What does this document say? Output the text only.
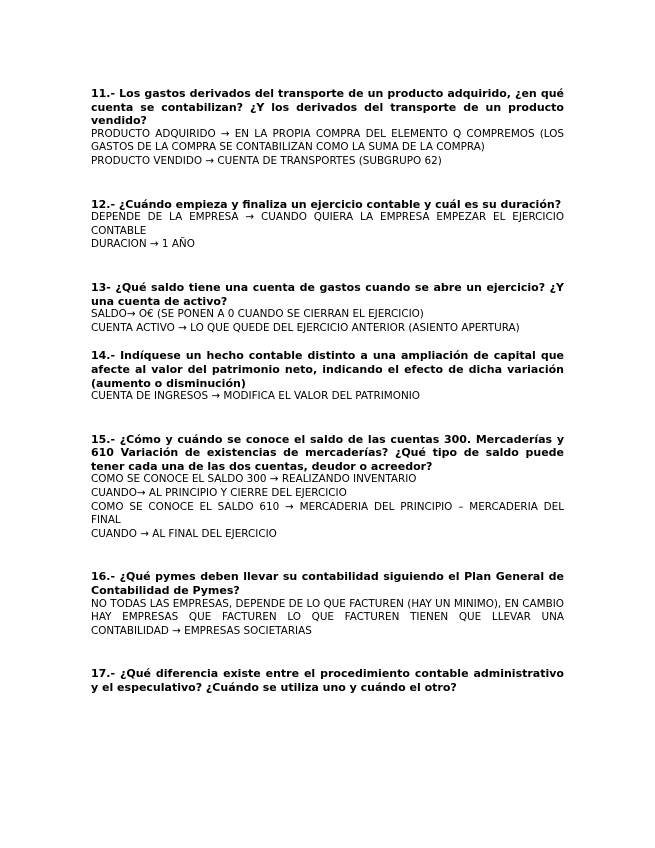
11.- Los gastos derivados del transporte de un producto adquirido, ¿en qué cuenta se contabilizan? ¿Y los derivados del transporte de un producto vendido?

PRODUCTO ADQUIRIDO → EN LA PROPIA COMPRA DEL ELEMENTO Q COMPREMOS (LOS GASTOS DE LA COMPRA SE CONTABILIZAN COMO LA SUMA DE LA COMPRA)

PRODUCTO VENDIDO → CUENTA DE TRANSPORTES (SUBGRUPO 62)

12.- ¿Cuándo empieza y finaliza un ejercicio contable y cuál es su duración?

DEPENDE DE LA EMPRESA → CUANDO QUIERA LA EMPRESA EMPEZAR EL EJERCICIO CONTABLE

DURACION → 1 AÑO

13- ¿Qué saldo tiene una cuenta de gastos cuando se abre un ejercicio? ¿Y una cuenta de activo?

SALDO→ O€ (SE PONEN A 0 CUANDO SE CIERRAN EL EJERCICIO)

CUENTA ACTIVO → LO QUE QUEDE DEL EJERCICIO ANTERIOR (ASIENTO APERTURA)

14.- Indíquese un hecho contable distinto a una ampliación de capital que afecte al valor del patrimonio neto, indicando el efecto de dicha variación (aumento o disminución)

CUENTA DE INGRESOS → MODIFICA EL VALOR DEL PATRIMONIO

15.- ¿Cómo y cuándo se conoce el saldo de las cuentas 300. Mercaderías y 610 Variación de existencias de mercaderías? ¿Qué tipo de saldo puede tener cada una de las dos cuentas, deudor o acreedor?

COMO SE CONOCE EL SALDO 300 → REALIZANDO INVENTARIO

CUANDO→ AL PRINCIPIO Y CIERRE DEL EJERCICIO

COMO SE CONOCE EL SALDO 610 → MERCADERIA DEL PRINCIPIO – MERCADERIA DEL FINAL

CUANDO → AL FINAL DEL EJERCICIO

16.- ¿Qué pymes deben llevar su contabilidad siguiendo el Plan General de Contabilidad de Pymes?

NO TODAS LAS EMPRESAS, DEPENDE DE LO QUE FACTUREN (HAY UN MINIMO), EN CAMBIO HAY EMPRESAS QUE FACTUREN LO QUE FACTUREN TIENEN QUE LLEVAR UNA CONTABILIDAD → EMPRESAS SOCIETARIAS

17.- ¿Qué diferencia existe entre el procedimiento contable administrativo y el especulativo? ¿Cuándo se utiliza uno y cuándo el otro?
